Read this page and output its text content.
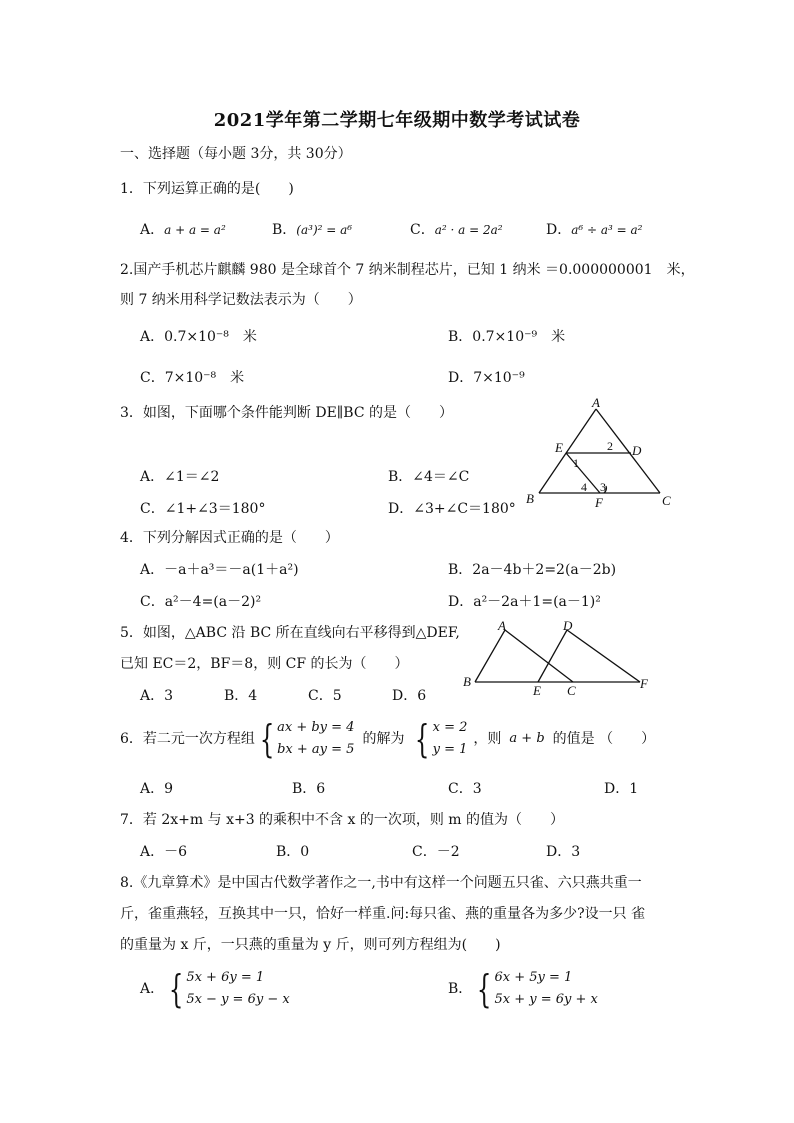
2021学年第二学期七年级期中数学考试试卷
一、选择题（每小题 3分，共 30分）
1．下列运算正确的是(　　)
A．a + a = a²	B．(a³)² = a⁶	C．a² · a = 2a²	D．a⁶ ÷ a³ = a²
2.国产手机芯片麒麟 980 是全球首个 7 纳米制程芯片，已知 1 纳米 ＝0.000000001　米，
则 7 纳米用科学记数法表示为（　　）
A．0.7×10⁻⁸　米	B．0.7×10⁻⁹　米
C．7×10⁻⁸　米	D．7×10⁻⁹
3．如图，下面哪个条件能判断 DE∥BC 的是（　　）
A．∠1＝∠2	B．∠4＝∠C
C．∠1+∠3＝180°	D．∠3+∠C＝180°
A
E	D
B	C
F
1
2
3
4
4．下列分解因式正确的是（　　）
A．－a＋a³＝－a(1＋a²)	B．2a－4b＋2=2(a－2b)
C．a²－4=(a－2)²	D．a²－2a＋1=(a－1)²
5．如图，△ABC 沿 BC 所在直线向右平移得到△DEF,
已知 EC＝2，BF＝8，则 CF 的长为（　　）
A．3	B．4	C．5	D．6
A	D
B
E C	F
6．若二元一次方程组 { ax + by = 4
bx + ay = 5
的解为 { x = 2
y = 1
，则 a + b 的值是 （　　）
A．9	B．6	C．3	D．1
7．若 2x+m 与 x+3 的乘积中不含 x 的一次项，则 m 的值为（　　）
A．－6	B．0	C．－2	D．3
8.《九章算术》是中国古代数学著作之一,书中有这样一个问题五只雀、六只燕共重一
斤，雀重燕轻，互换其中一只，恰好一样重.问:每只雀、燕的重量各为多少?设一只 雀
的重量为 x 斤，一只燕的重量为 y 斤，则可列方程组为(　　)
A． { 5x + 6y = 1
5x − y = 6y − x
B． { 6x + 5y = 1
5x + y = 6y + x
